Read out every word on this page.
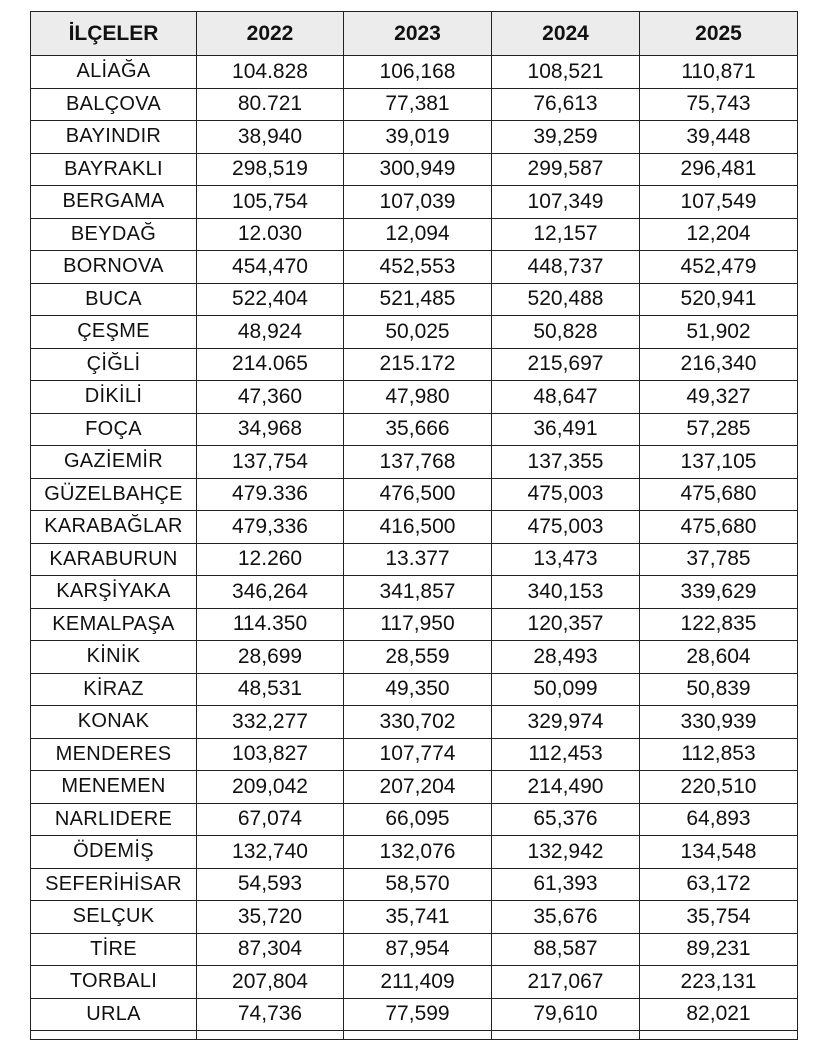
İLÇELER	2022	2023	2024	2025
ALİAĞA	104.828	106,168	108,521	110,871
BALÇOVA	80.721	77,381	76,613	75,743
BAYINDIR	38,940	39,019	39,259	39,448
BAYRAKLI	298,519	300,949	299,587	296,481
BERGAMA	105,754	107,039	107,349	107,549
BEYDAĞ	12.030	12,094	12,157	12,204
BORNOVA	454,470	452,553	448,737	452,479
BUCA	522,404	521,485	520,488	520,941
ÇEŞME	48,924	50,025	50,828	51,902
ÇİĞLİ	214.065	215.172	215,697	216,340
DİKİLİ	47,360	47,980	48,647	49,327
FOÇA	34,968	35,666	36,491	57,285
GAZİEMİR	137,754	137,768	137,355	137,105
GÜZELBAHÇE	479.336	476,500	475,003	475,680
KARABAĞLAR	479,336	416,500	475,003	475,680
KARABURUN	12.260	13.377	13,473	37,785
KARŞİYAKA	346,264	341,857	340,153	339,629
KEMALPAŞA	114.350	117,950	120,357	122,835
KİNİK	28,699	28,559	28,493	28,604
KİRAZ	48,531	49,350	50,099	50,839
KONAK	332,277	330,702	329,974	330,939
MENDERES	103,827	107,774	112,453	112,853
MENEMEN	209,042	207,204	214,490	220,510
NARLIDERE	67,074	66,095	65,376	64,893
ÖDEMİŞ	132,740	132,076	132,942	134,548
SEFERİHİSAR	54,593	58,570	61,393	63,172
SELÇUK	35,720	35,741	35,676	35,754
TİRE	87,304	87,954	88,587	89,231
TORBALI	207,804	211,409	217,067	223,131
URLA	74,736	77,599	79,610	82,021
